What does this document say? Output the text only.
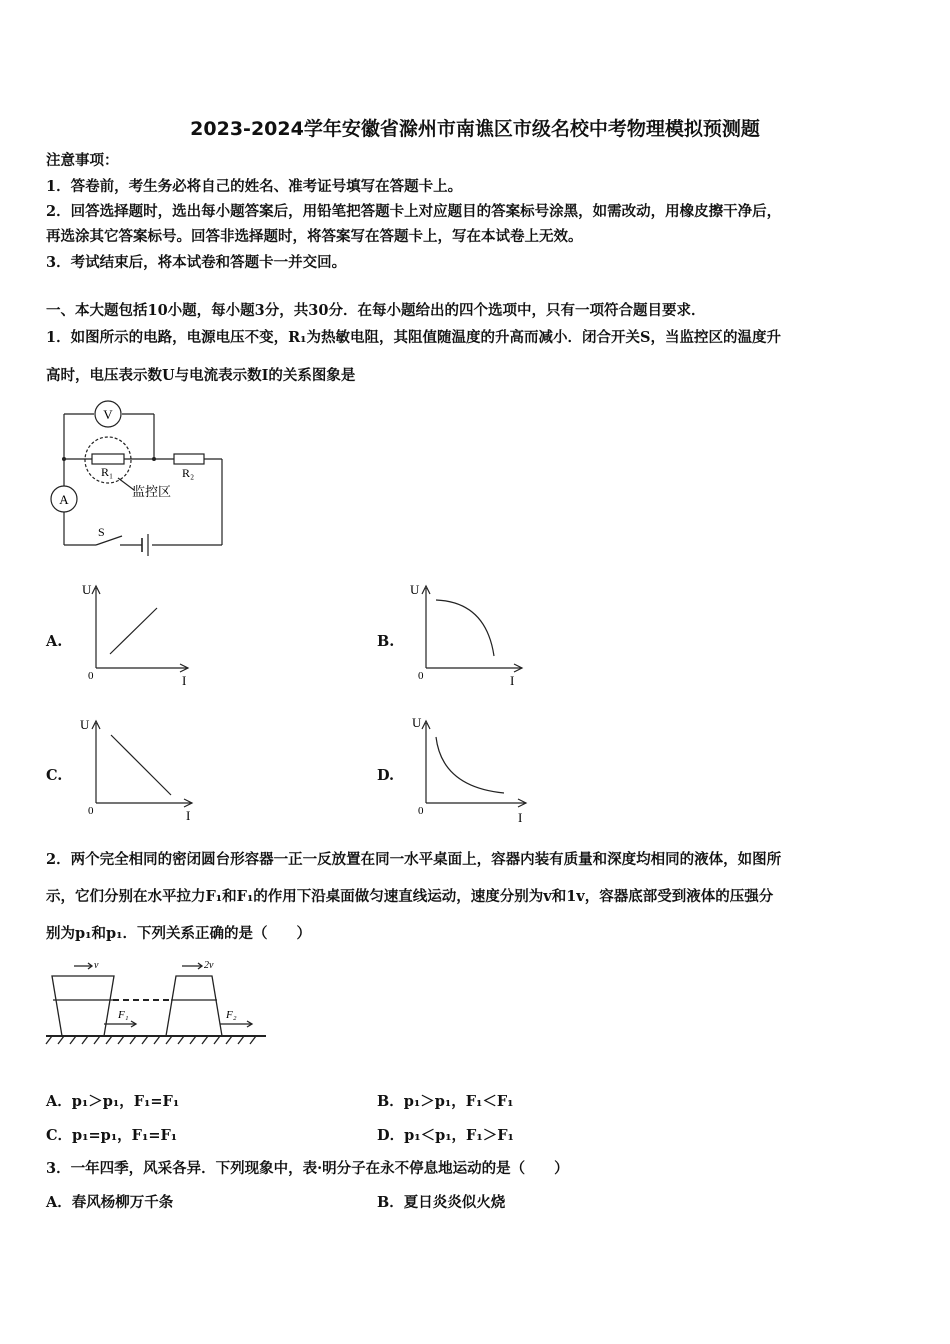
2023-2024学年安徽省滁州市南谯区市级名校中考物理模拟预测题
注意事项：
1．答卷前，考生务必将自己的姓名、准考证号填写在答题卡上。
2．回答选择题时，选出每小题答案后，用铅笔把答题卡上对应题目的答案标号涂黑，如需改动，用橡皮擦干净后，
再选涂其它答案标号。回答非选择题时，将答案写在答题卡上，写在本试卷上无效。
3．考试结束后，将本试卷和答题卡一并交回。
一、本大题包括10小题，每小题3分，共30分．在每小题给出的四个选项中，只有一项符合题目要求．
1．如图所示的电路，电源电压不变，R₁为热敏电阻，其阻值随温度的升高而减小．闭合开关S，当监控区的温度升
高时，电压表示数U与电流表示数I的关系图象是
V
A
R₁	R₂
监控区
S
A.
U
0	I
B.
U
0	I
C.
U
0	I
D.
U
0	I
2．两个完全相同的密闭圆台形容器一正一反放置在同一水平桌面上，容器内装有质量和深度均相同的液体，如图所
示，它们分别在水平拉力F₁和F₁的作用下沿桌面做匀速直线运动，速度分别为v和1v，容器底部受到液体的压强分
别为p₁和p₁．下列关系正确的是（　　）
v	2v
F₁	F₂
A．p₁＞p₁，F₁=F₁	B．p₁＞p₁，F₁＜F₁
C．p₁=p₁，F₁=F₁	D．p₁＜p₁，F₁＞F₁
3．一年四季，风采各异．下列现象中，表·明分子在永不停息地运动的是（　　）
A．春风杨柳万千条	B．夏日炎炎似火烧
